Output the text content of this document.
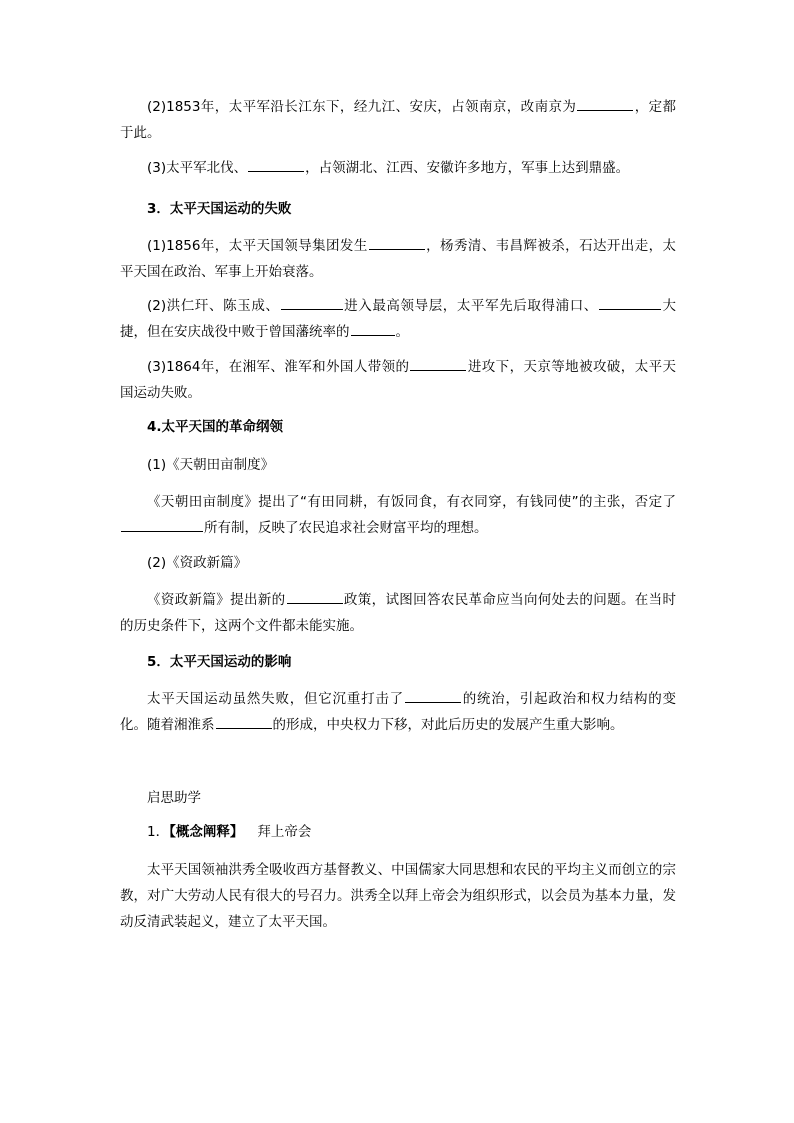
(2)1853年，太平军沿长江东下，经九江、安庆，占领南京，改南京为	，定都于此。

(3)太平军北伐、	，占领湖北、江西、安徽许多地方，军事上达到鼎盛。

3．太平天国运动的失败

(1)1856年，太平天国领导集团发生	，杨秀清、韦昌辉被杀，石达开出走，太平天国在政治、军事上开始衰落。

(2)洪仁玕、陈玉成、	进入最高领导层，太平军先后取得浦口、	大捷，但在安庆战役中败于曾国藩统率的	。

(3)1864年，在湘军、淮军和外国人带领的	进攻下，天京等地被攻破，太平天国运动失败。

4.太平天国的革命纲领

(1)《天朝田亩制度》

《天朝田亩制度》提出了“有田同耕，有饭同食，有衣同穿，有钱同使”的主张，否定了所有制，反映了农民追求社会财富平均的理想。

(2)《资政新篇》

《资政新篇》提出新的	政策，试图回答农民革命应当向何处去的问题。在当时的历史条件下，这两个文件都未能实施。

5．太平天国运动的影响

太平天国运动虽然失败，但它沉重打击了	的统治，引起政治和权力结构的变化。随着湘淮系	的形成，中央权力下移，对此后历史的发展产生重大影响。

启思助学

1．【概念阐释】 拜上帝会

太平天国领袖洪秀全吸收西方基督教义、中国儒家大同思想和农民的平均主义而创立的宗教，对广大劳动人民有很大的号召力。洪秀全以拜上帝会为组织形式，以会员为基本力量，发动反清武装起义，建立了太平天国。
